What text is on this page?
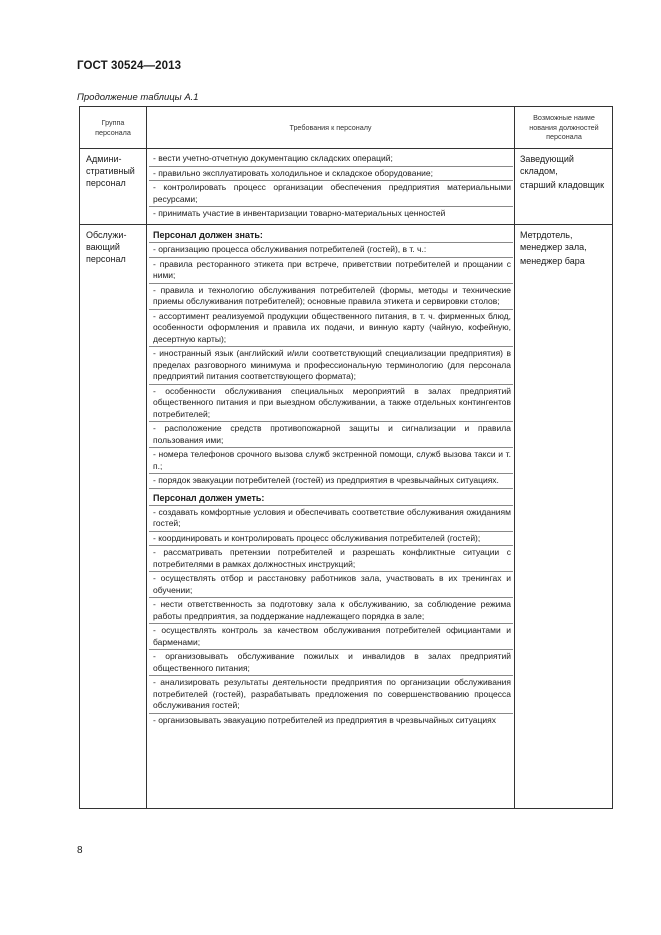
ГОСТ 30524—2013
Продолжение таблицы А.1
Группа персонала
Требования к персоналу
Возможные наиме нования должностей персонала
Админи-стративный персонал
- вести учетно-отчетную документацию складских операций;
- правильно эксплуатировать холодильное и складское оборудование;
- контролировать процесс организации обеспечения предприятия материальными ресурсами;
- принимать участие в инвентаризации товарно-материальных ценностей
Заведующий складом,
старший кладовщик
Обслужи-вающий персонал
Персонал должен знать:
- организацию процесса обслуживания потребителей (гостей), в т. ч.:
- правила ресторанного этикета при встрече, приветствии потребителей и прощании с ними;
- правила и технологию обслуживания потребителей (формы, методы и технические приемы обслуживания потребителей); основные правила этикета и сервировки столов;
- ассортимент реализуемой продукции общественного питания, в т. ч. фирменных блюд, особенности оформления и правила их подачи, и винную карту (чайную, кофейную, десертную карты);
- иностранный язык (английский и/или соответствующий специализации предприятия) в пределах разговорного минимума и профессиональную терминологию (для персонала предприятий питания соответствующего формата);
- особенности обслуживания специальных мероприятий в залах предприятий общественного питания и при выездном обслуживании, а также отдельных контингентов потребителей;
- расположение средств противопожарной защиты и сигнализации и правила пользования ими;
- номера телефонов срочного вызова служб экстренной помощи, служб вызова такси и т. п.;
- порядок эвакуации потребителей (гостей) из предприятия в чрезвычайных ситуациях.
Персонал должен уметь:
- создавать комфортные условия и обеспечивать соответствие обслуживания ожиданиям гостей;
- координировать и контролировать процесс обслуживания потребителей (гостей);
- рассматривать претензии потребителей и разрешать конфликтные ситуации с потребителями в рамках должностных инструкций;
- осуществлять отбор и расстановку работников зала, участвовать в их тренингах и обучении;
- нести ответственность за подготовку зала к обслуживанию, за соблюдение режима работы предприятия, за поддержание надлежащего порядка в зале;
- осуществлять контроль за качеством обслуживания потребителей официантами и барменами;
- организовывать обслуживание пожилых и инвалидов в залах предприятий общественного питания;
- анализировать результаты деятельности предприятия по организации обслуживания потребителей (гостей), разрабатывать предложения по совершенствованию процесса обслуживания гостей;
- организовывать эвакуацию потребителей из предприятия в чрезвычайных ситуациях
Метрдотель, менеджер зала,
менеджер бара
8
